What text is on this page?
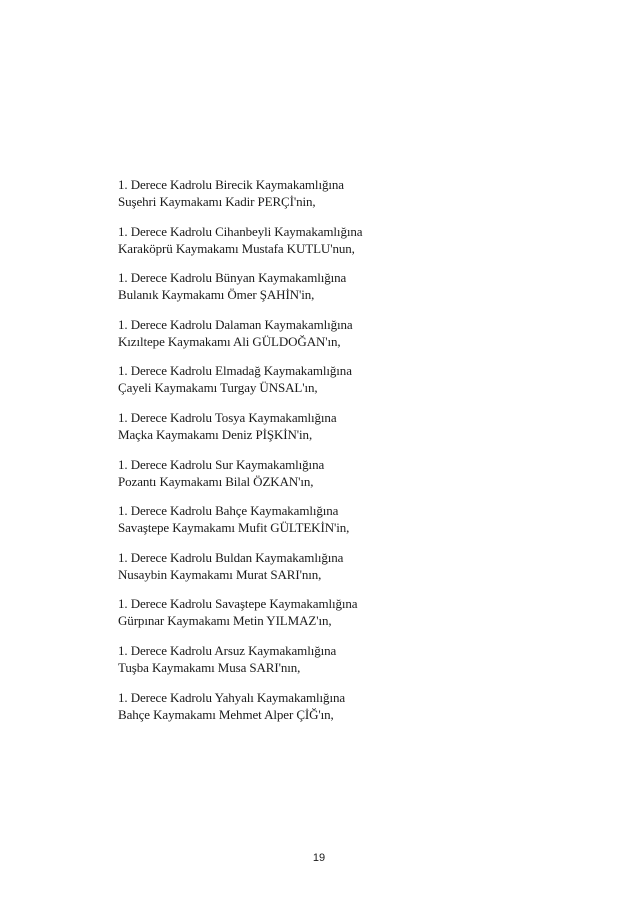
1. Derece Kadrolu Birecik Kaymakamlığına
Suşehri Kaymakamı Kadir PERÇİ'nin,
1. Derece Kadrolu Cihanbeyli Kaymakamlığına
Karaköprü Kaymakamı Mustafa KUTLU'nun,
1. Derece Kadrolu Bünyan Kaymakamlığına
Bulanık Kaymakamı Ömer ŞAHİN'in,
1. Derece Kadrolu Dalaman Kaymakamlığına
Kızıltepe Kaymakamı Ali GÜLDOĞAN'ın,
1. Derece Kadrolu Elmadağ Kaymakamlığına
Çayeli Kaymakamı Turgay ÜNSAL'ın,
1. Derece Kadrolu Tosya Kaymakamlığına
Maçka Kaymakamı Deniz PİŞKİN'in,
1. Derece Kadrolu Sur Kaymakamlığına
Pozantı Kaymakamı Bilal ÖZKAN'ın,
1. Derece Kadrolu Bahçe Kaymakamlığına
Savaştepe Kaymakamı Mufit GÜLTEKİN'in,
1. Derece Kadrolu Buldan Kaymakamlığına
Nusaybin Kaymakamı Murat SARI'nın,
1. Derece Kadrolu Savaştepe Kaymakamlığına
Gürpınar Kaymakamı Metin YILMAZ'ın,
1. Derece Kadrolu Arsuz Kaymakamlığına
Tuşba Kaymakamı Musa SARI'nın,
1. Derece Kadrolu Yahyalı Kaymakamlığına
Bahçe Kaymakamı Mehmet Alper ÇİĞ'ın,
19
